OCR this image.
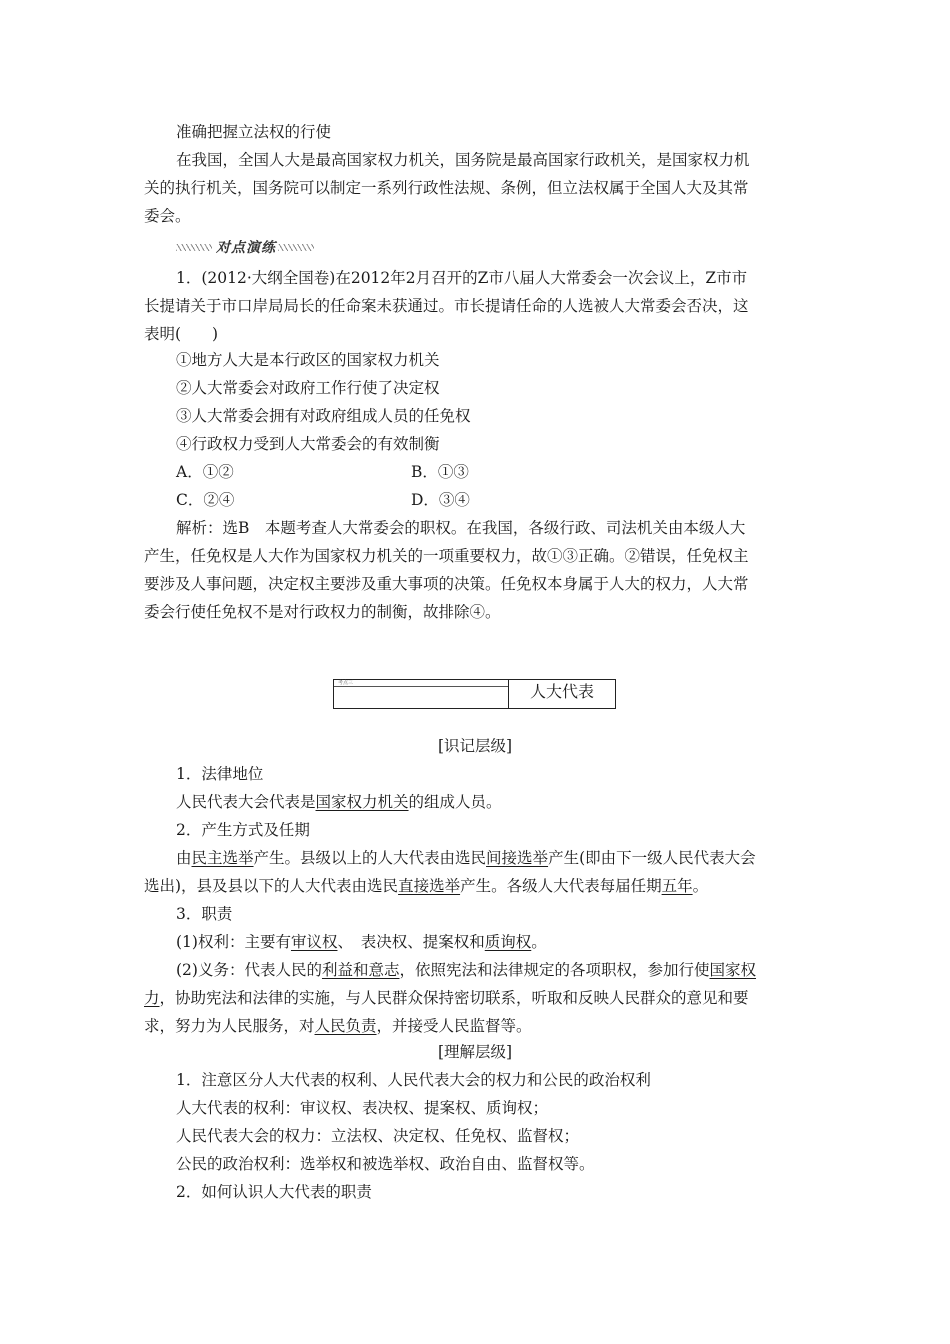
准确把握立法权的行使
在我国，全国人大是最高国家权力机关，国务院是最高国家行政机关，是国家权力机
关的执行机关，国务院可以制定一系列行政性法规、条例，但立法权属于全国人大及其常
委会。
对点演练
1．(2012·大纲全国卷)在2012年2月召开的Z市八届人大常委会一次会议上，Z市市
长提请关于市口岸局局长的任命案未获通过。市长提请任命的人选被人大常委会否决，这
表明(　　)
①地方人大是本行政区的国家权力机关
②人大常委会对政府工作行使了决定权
③人大常委会拥有对政府组成人员的任免权
④行政权力受到人大常委会的有效制衡
A．①②	B．①③
C．②④	D．③④
解析：选B　本题考查人大常委会的职权。在我国，各级行政、司法机关由本级人大
产生，任免权是人大作为国家权力机关的一项重要权力，故①③正确。②错误，任免权主
要涉及人事问题，决定权主要涉及重大事项的决策。任免权本身属于人大的权力，人大常
委会行使任免权不是对行政权力的制衡，故排除④。
考点三	人大代表
[识记层级]
1．法律地位
人民代表大会代表是国家权力机关的组成人员。
2．产生方式及任期
由民主选举产生。县级以上的人大代表由选民间接选举产生(即由下一级人民代表大会
选出)，县及县以下的人大代表由选民直接选举产生。各级人大代表每届任期五年。
3．职责
(1)权利：主要有审议权、　表决权、提案权和质询权。
(2)义务：代表人民的利益和意志，依照宪法和法律规定的各项职权，参加行使国家权
力，协助宪法和法律的实施，与人民群众保持密切联系，听取和反映人民群众的意见和要
求，努力为人民服务，对人民负责，并接受人民监督等。
[理解层级]
1．注意区分人大代表的权利、人民代表大会的权力和公民的政治权利
人大代表的权利：审议权、表决权、提案权、质询权；
人民代表大会的权力：立法权、决定权、任免权、监督权；
公民的政治权利：选举权和被选举权、政治自由、监督权等。
2．如何认识人大代表的职责
